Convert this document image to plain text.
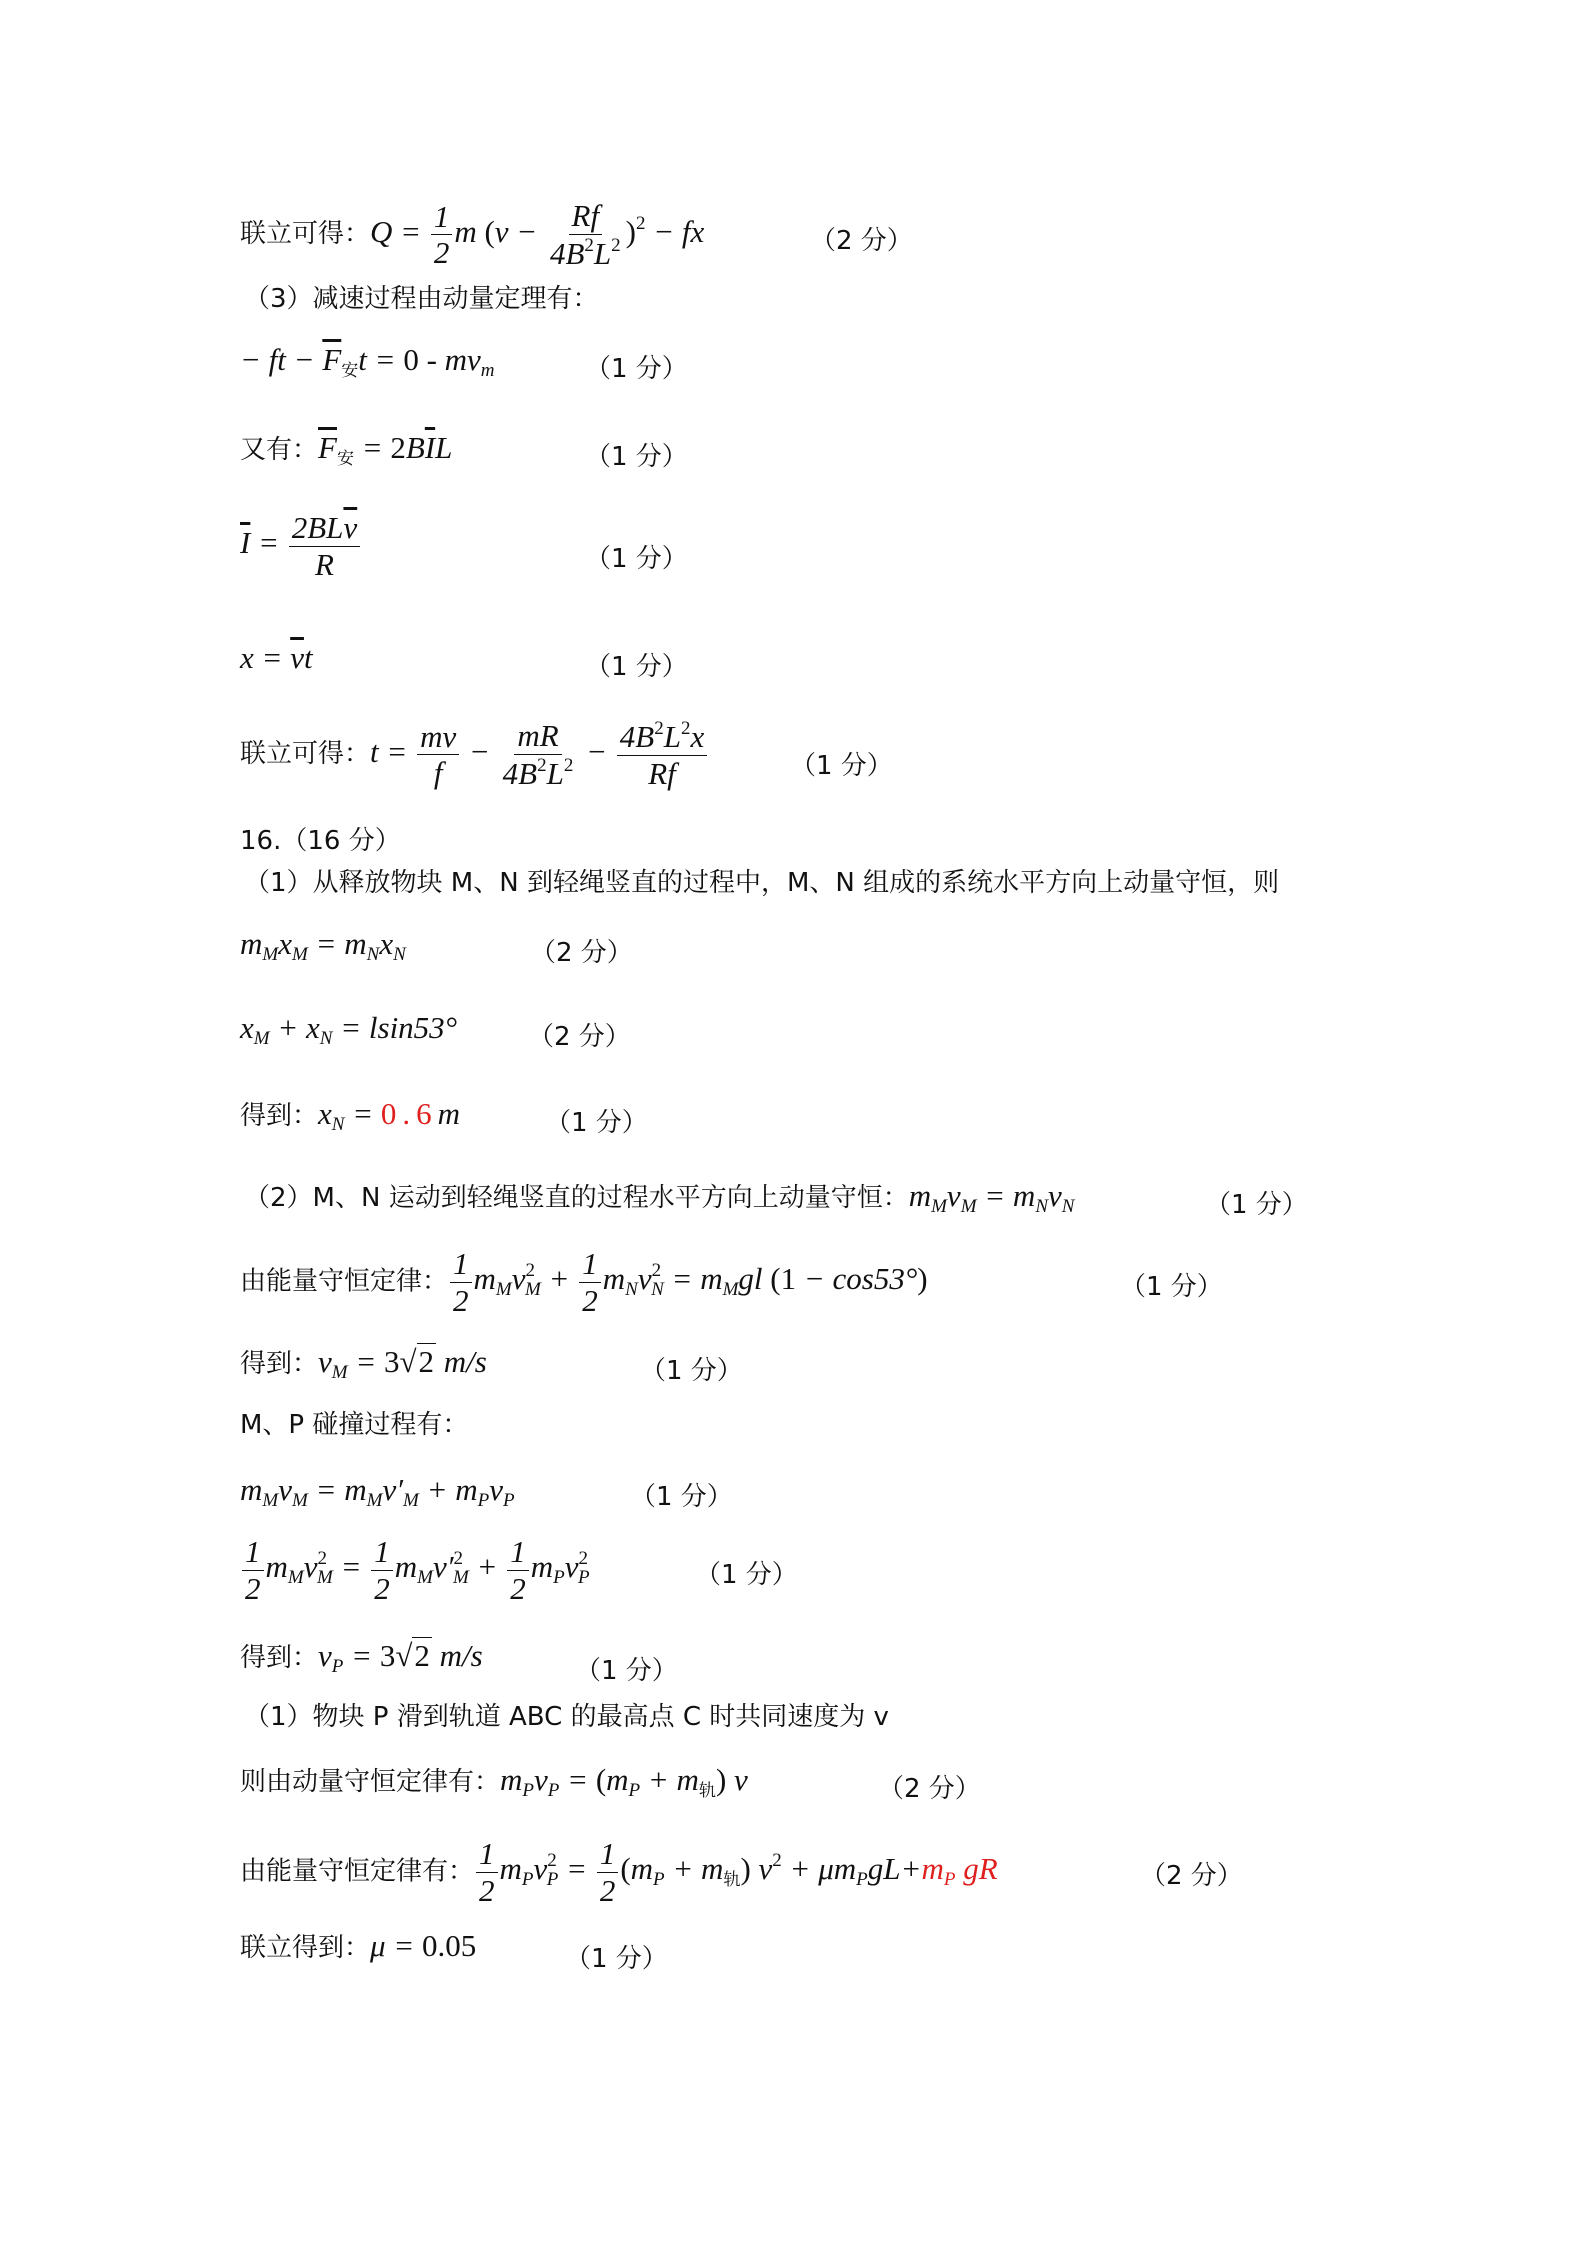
联立可得：$Q = \frac{1}{2}$ m $(v - \frac{Rf}{4B^2L^2} )^2$ − fx	（2 分）
（3）减速过程由动量定理有：
− ft − $\overline{F}$安$t = 0 - mv_m$	（1 分）
又有：$\overline{F}$安 = $2B\overline{I}L$	（1 分）
$\overline{I} = \frac{2BL\overline{v}}{R}$	（1 分）
$x = \overline{v}t$	（1 分）
联立可得：$t = \frac{mv}{f} - \frac{mR}{4B^2L^2} - \frac{4B^2L^2x}{Rf}$	（1 分）
16.（16 分）
（1）从释放物块 M、N 到轻绳竖直的过程中，M、N 组成的系统水平方向上动量守恒，则
$m_Mx_M = m_Nx_N$	（2 分）
$x_M + x_N = lsin53^\circ$	（2 分）
得到：$x_N = 0.6m$	（1 分）
（2）M、N 运动到轻绳竖直的过程水平方向上动量守恒：$m_Mv_M = m_Nv_N$	（1 分）
由能量守恒定律： $\frac{1}{2} m_Mv^2_M + \frac{1}{2} m_Nv^2_N = m_Mgl$ (1 − cos53°)	（1 分）
得到：$v_M = 3√2$ m/s	（1 分）
M、P 碰撞过程有：
$m_Mv_M = m_Mv'_M + m_Pv_P$	（1 分）
$\frac{1}{2} m_Mv^2_M = \frac{1}{2} m_Mv'^2_M + \frac{1}{2} m_Pv^2_P$	（1 分）
得到：$v_P = 3√2$ m/s	（1 分）
（1）物块 P 滑到轨道 ABC 的最高点 C 时共同速度为 v
则由动量守恒定律有：$m_Pv_P = (m_P + m$轨) v	（2 分）
由能量守恒定律有： $\frac{1}{2} m_Pv^2_P = \frac{1}{2} (m_P + m$轨) $v^2 + \mu m_PgL+m_P$ gR	（2 分）
联立得到：μ = 0.05	（1 分）
